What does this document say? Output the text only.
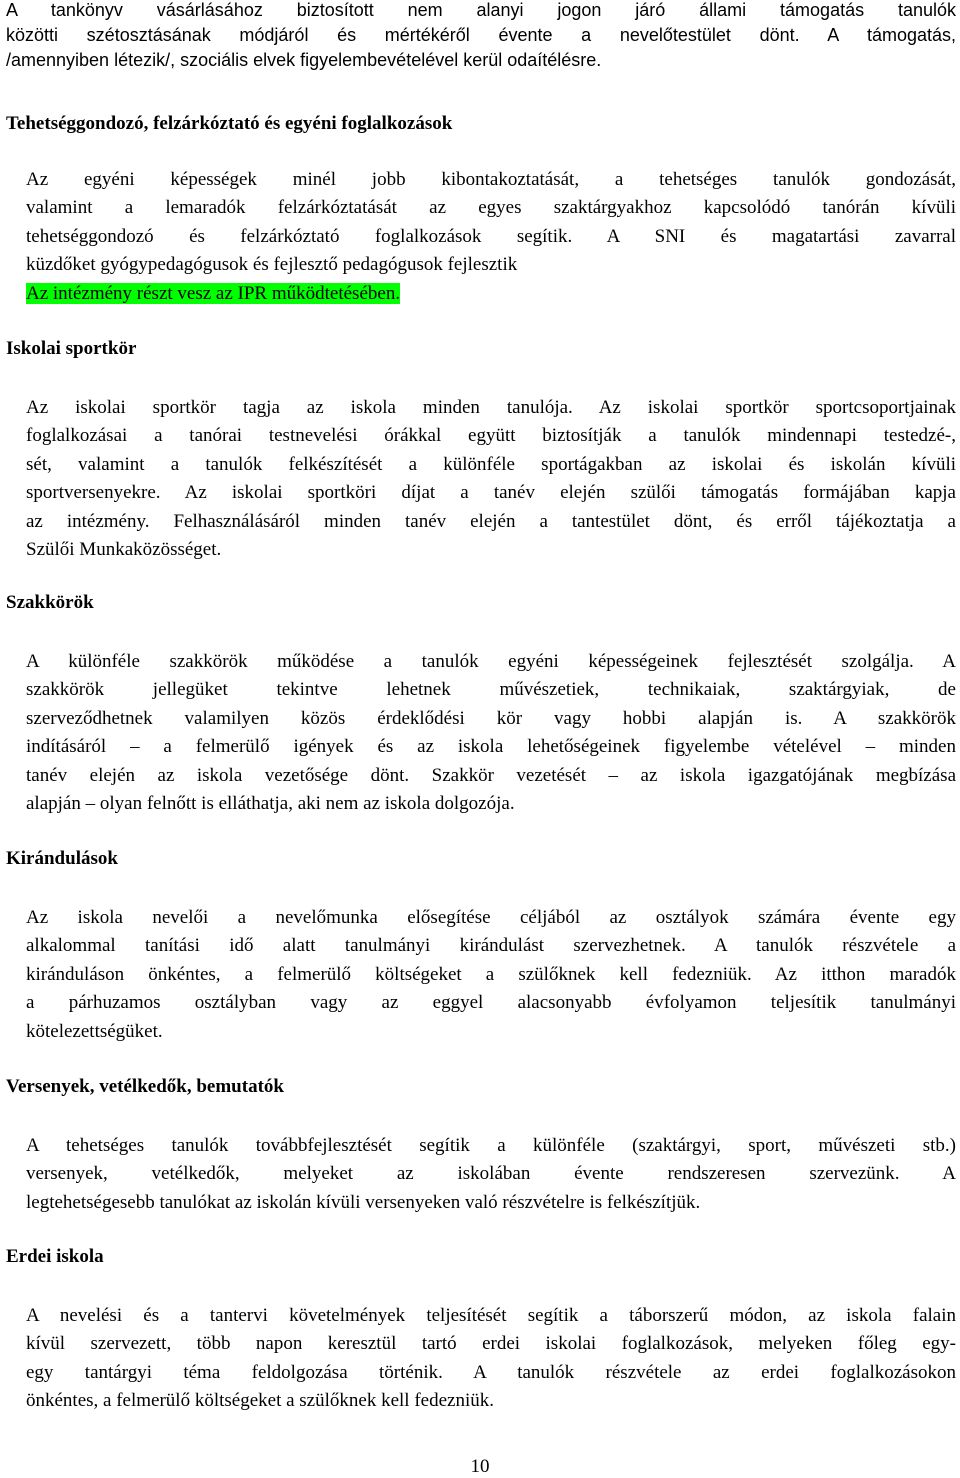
A tankönyv vásárlásához biztosított nem alanyi jogon járó állami támogatás tanulók
közötti szétosztásának módjáról és mértékéről évente a nevelőtestület dönt. A támogatás,
/amennyiben létezik/, szociális elvek figyelembevételével kerül odaítélésre.
Tehetséggondozó, felzárkóztató és egyéni foglalkozások
Az egyéni képességek minél jobb kibontakoztatását, a tehetséges tanulók gondozását,
valamint a lemaradók felzárkóztatását az egyes szaktárgyakhoz kapcsolódó tanórán kívüli
tehetséggondozó és felzárkóztató foglalkozások segítik. A SNI és magatartási zavarral
küzdőket gyógypedagógusok és fejlesztő pedagógusok fejlesztik
Az intézmény részt vesz az IPR működtetésében.
Iskolai sportkör
Az iskolai sportkör tagja az iskola minden tanulója. Az iskolai sportkör sportcsoportjainak
foglalkozásai a tanórai testnevelési órákkal együtt biztosítják a tanulók mindennapi testedzé-,
sét, valamint a tanulók felkészítését a különféle sportágakban az iskolai és iskolán kívüli
sportversenyekre. Az iskolai sportköri díjat a tanév elején szülői támogatás formájában kapja
az intézmény. Felhasználásáról minden tanév elején a tantestület dönt, és erről tájékoztatja a
Szülői Munkaközösséget.
Szakkörök
A különféle szakkörök működése a tanulók egyéni képességeinek fejlesztését szolgálja. A
szakkörök jellegüket tekintve lehetnek művészetiek, technikaiak, szaktárgyiak, de
szerveződhetnek valamilyen közös érdeklődési kör vagy hobbi alapján is. A szakkörök
indításáról – a felmerülő igények és az iskola lehetőségeinek figyelembe vételével – minden
tanév elején az iskola vezetősége dönt. Szakkör vezetését – az iskola igazgatójának megbízása
alapján – olyan felnőtt is elláthatja, aki nem az iskola dolgozója.
Kirándulások
Az iskola nevelői a nevelőmunka elősegítése céljából az osztályok számára évente egy
alkalommal tanítási idő alatt tanulmányi kirándulást szervezhetnek. A tanulók részvétele a
kiránduláson önkéntes, a felmerülő költségeket a szülőknek kell fedezniük. Az itthon maradók
a párhuzamos osztályban vagy az eggyel alacsonyabb évfolyamon teljesítik tanulmányi
kötelezettségüket.
Versenyek, vetélkedők, bemutatók
A tehetséges tanulók továbbfejlesztését segítik a különféle (szaktárgyi, sport, művészeti stb.)
versenyek, vetélkedők, melyeket az iskolában évente rendszeresen szervezünk. A
legtehetségesebb tanulókat az iskolán kívüli versenyeken való részvételre is felkészítjük.
Erdei iskola
A nevelési és a tantervi követelmények teljesítését segítik a táborszerű módon, az iskola falain
kívül szervezett, több napon keresztül tartó erdei iskolai foglalkozások, melyeken főleg egy-
egy tantárgyi téma feldolgozása történik. A tanulók részvétele az erdei foglalkozásokon
önkéntes, a felmerülő költségeket a szülőknek kell fedezniük.
10
